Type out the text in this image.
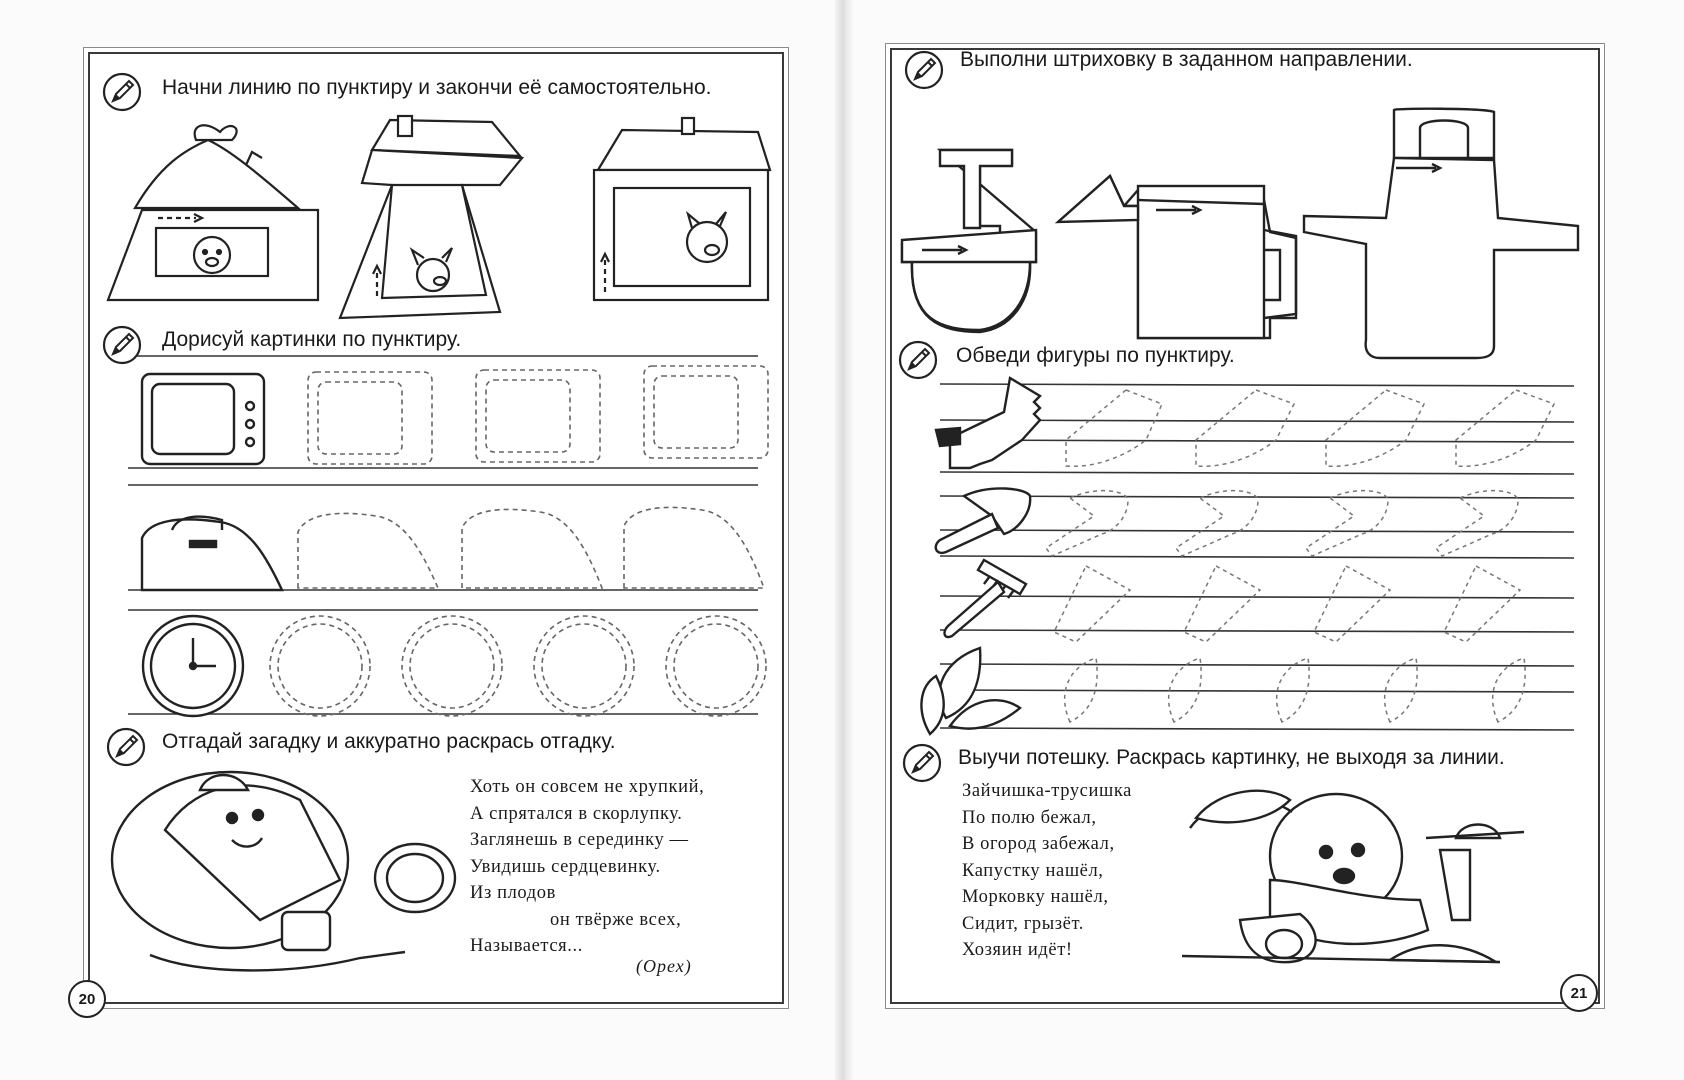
Начни линию по пунктиру и закончи её самостоятельно.
Дорисуй картинки по пунктиру.
Отгадай загадку и аккуратно раскрась отгадку.
Хоть он совсем не хрупкий,
А спрятался в скорлупку.
Заглянешь в серединку —
Увидишь сердцевинку.
Из плодов
он твёрже всех,
Называется...
(Орех)
20
Выполни штриховку в заданном направлении.
Обведи фигуры по пунктиру.
Выучи потешку. Раскрась картинку, не выходя за линии.
Зайчишка-трусишка
По полю бежал,
В огород забежал,
Капустку нашёл,
Морковку нашёл,
Сидит, грызёт.
Хозяин идёт!
21
